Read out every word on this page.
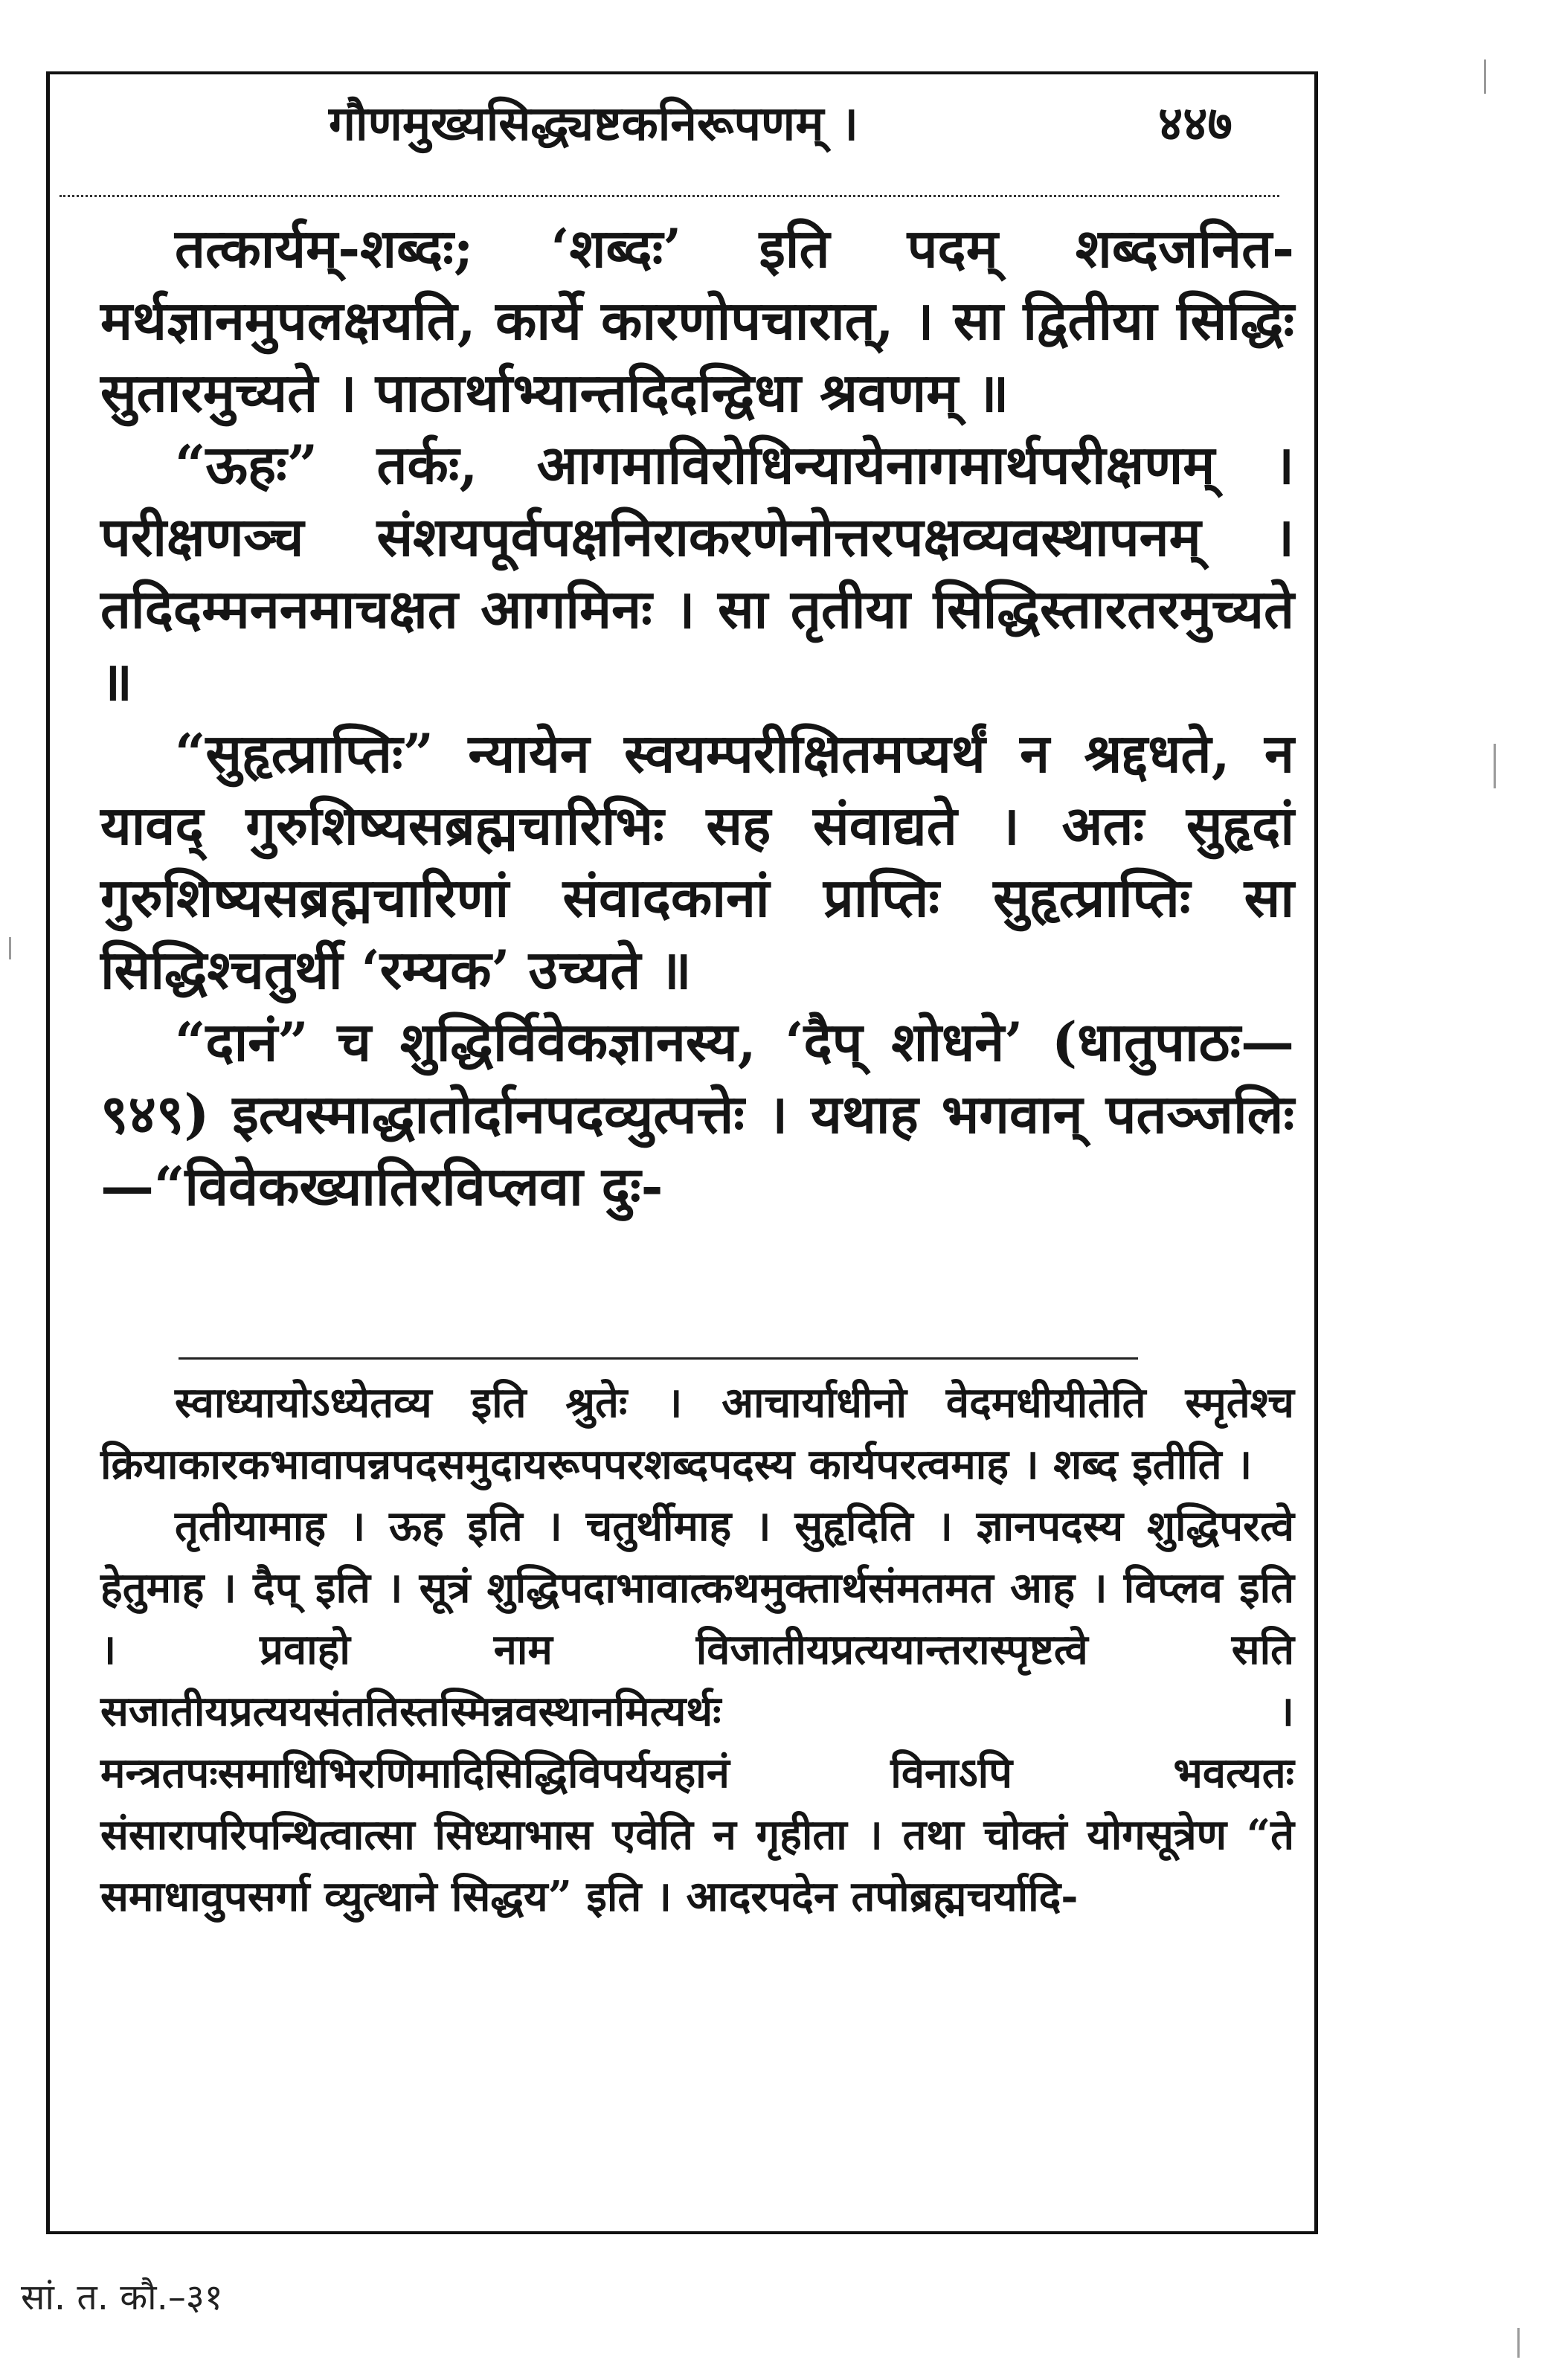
गौणमुख्यसिद्ध्यष्टकनिरूपणम् ।	४४७

तत्कार्यम्-शब्दः; ‘शब्दः’ इति पदम् शब्दजनित-मर्थज्ञानमुपलक्षयति, कार्ये कारणोपचारात्, । सा द्वितीया सिद्धिः सुतारमुच्यते । पाठार्थाभ्यान्तदिदन्द्विधा श्रवणम् ॥

“ऊहः” तर्कः, आगमाविरोधिन्यायेनागमार्थपरीक्षणम् । परीक्षणञ्च संशयपूर्वपक्षनिराकरणेनोत्तरपक्षव्यवस्थापनम् । तदिदम्मननमाचक्षत आगमिनः । सा तृतीया सिद्धिस्तारतरमुच्यते ॥

“सुहृत्प्राप्तिः” न्यायेन स्वयम्परीक्षितमप्यर्थं न श्रद्दधते, न यावद् गुरुशिष्यसब्रह्मचारिभिः सह संवाद्यते । अतः सुहृदां गुरुशिष्यसब्रह्मचारिणां संवादकानां प्राप्तिः सुहृत्प्राप्तिः सा सिद्धिश्चतुर्थी ‘रम्यक’ उच्यते ॥

“दानं” च शुद्धिर्विवेकज्ञानस्य, ‘दैप् शोधने’ (धातुपाठः—९४९) इत्यस्माद्धातोर्दानपदव्युत्पत्तेः । यथाह भगवान् पतञ्जलिः—“विवेकख्यातिरविप्लवा दुः-

स्वाध्यायोऽध्येतव्य इति श्रुतेः । आचार्याधीनो वेदमधीयीतेति स्मृतेश्च क्रियाकारकभावापन्नपदसमुदायरूपपरशब्दपदस्य कार्यपरत्वमाह । शब्द इतीति ।

तृतीयामाह । ऊह इति । चतुर्थीमाह । सुहृदिति । ज्ञानपदस्य शुद्धिपरत्वे हेतुमाह । दैप् इति । सूत्रं शुद्धिपदाभावात्कथमुक्तार्थसंमतमत आह । विप्लव इति । प्रवाहो नाम विजातीयप्रत्ययान्तरास्पृष्टत्वे सति सजातीयप्रत्ययसंततिस्तस्मिन्नवस्थानमित्यर्थः । मन्त्रतपःसमाधिभिरणिमादिसिद्धिविपर्ययहानं विनाऽपि भवत्यतः संसारापरिपन्थित्वात्सा सिध्याभास एवेति न गृहीता । तथा चोक्तं योगसूत्रेण “ते समाधावुपसर्गा व्युत्थाने सिद्धय” इति । आदरपदेन तपोब्रह्मचर्यादि-

सां. त. कौ.–३१
